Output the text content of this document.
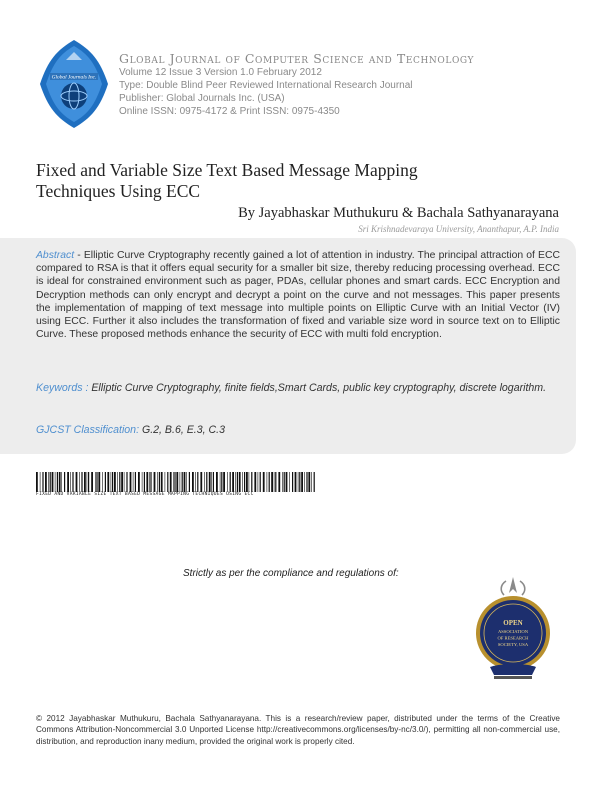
Global Journals Inc.
Global Journal of Computer Science and Technology
Volume 12 Issue 3 Version 1.0 February 2012
Type: Double Blind Peer Reviewed International Research Journal
Publisher: Global Journals Inc. (USA)
Online ISSN: 0975-4172 & Print ISSN: 0975-4350
Fixed and Variable Size Text Based Message Mapping Techniques Using ECC
By Jayabhaskar Muthukuru & Bachala Sathyanarayana
Sri Krishnadevaraya University, Ananthapur, A.P. India
Abstract - Elliptic Curve Cryptography recently gained a lot of attention in industry. The principal attraction of ECC compared to RSA is that it offers equal security for a smaller bit size, thereby reducing processing overhead. ECC is ideal for constrained environment such as pager, PDAs, cellular phones and smart cards. ECC Encryption and Decryption methods can only encrypt and decrypt a point on the curve and not messages. This paper presents the implementation of mapping of text message into multiple points on Elliptic Curve with an Initial Vector (IV) using ECC. Further it also includes the transformation of fixed and variable size word in source text on to Elliptic Curve. These proposed methods enhance the security of ECC with multi fold encryption.
Keywords : Elliptic Curve Cryptography, finite fields,Smart Cards, public key cryptography, discrete logarithm.
GJCST Classification: G.2, B.6, E.3, C.3
FIXED AND VARIABLE SIZE TEXT BASED MESSAGE MAPPING TECHNIQUES USING ECC
Strictly as per the compliance and regulations of:
OPEN
ASSOCIATION
OF RESEARCH
SOCIETY, USA
© 2012 Jayabhaskar Muthukuru, Bachala Sathyanarayana. This is a research/review paper, distributed under the terms of the Creative Commons Attribution-Noncommercial 3.0 Unported License http://creativecommons.org/licenses/by-nc/3.0/), permitting all non-commercial use, distribution, and reproduction inany medium, provided the original work is properly cited.
